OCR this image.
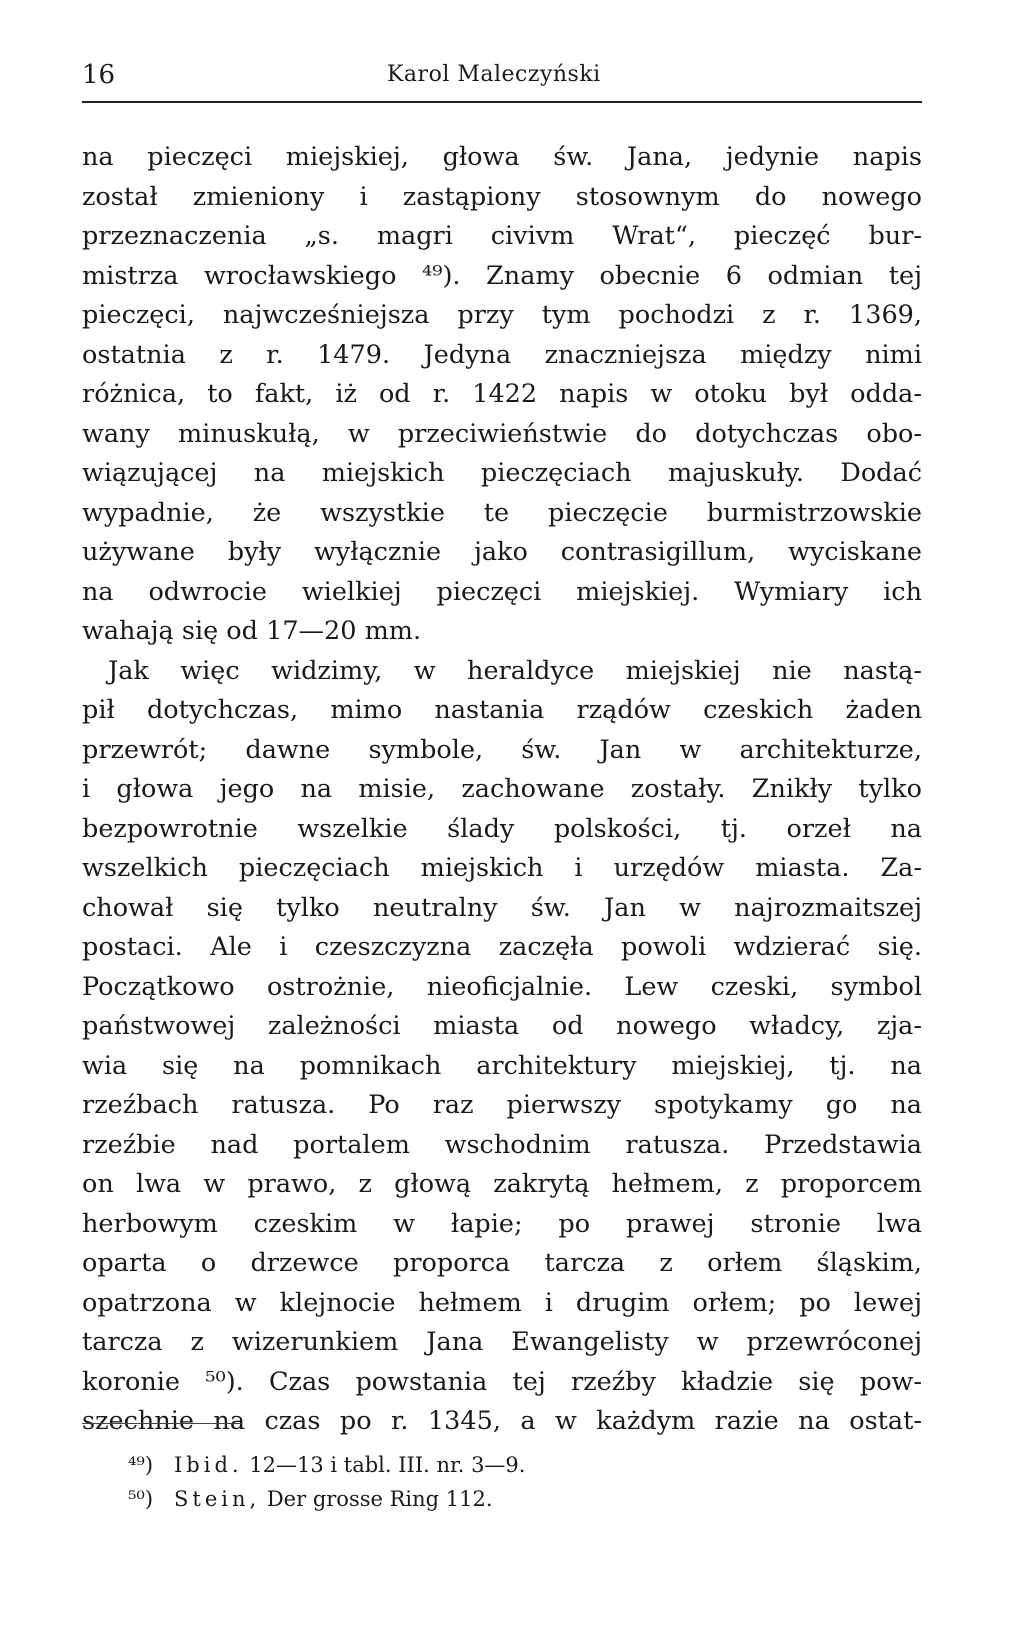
16	Karol Maleczyński
na pieczęci miejskiej, głowa św. Jana, jedynie napis
został zmieniony i zastąpiony stosownym do nowego
przeznaczenia „s. magri civivm Wrat“, pieczęć bur-
mistrza wrocławskiego ⁴⁹). Znamy obecnie 6 odmian tej
pieczęci, najwcześniejsza przy tym pochodzi z r. 1369,
ostatnia z r. 1479. Jedyna znaczniejsza między nimi
różnica, to fakt, iż od r. 1422 napis w otoku był odda-
wany minuskułą, w przeciwieństwie do dotychczas obo-
wiązującej na miejskich pieczęciach majuskuły. Dodać
wypadnie, że wszystkie te pieczęcie burmistrzowskie
używane były wyłącznie jako contrasigillum, wyciskane
na odwrocie wielkiej pieczęci miejskiej. Wymiary ich
wahają się od 17—20 mm.
Jak więc widzimy, w heraldyce miejskiej nie nastą-
pił dotychczas, mimo nastania rządów czeskich żaden
przewrót; dawne symbole, św. Jan w architekturze,
i głowa jego na misie, zachowane zostały. Znikły tylko
bezpowrotnie wszelkie ślady polskości, tj. orzeł na
wszelkich pieczęciach miejskich i urzędów miasta. Za-
chował się tylko neutralny św. Jan w najrozmaitszej
postaci. Ale i czeszczyzna zaczęła powoli wdzierać się.
Początkowo ostrożnie, nieoficjalnie. Lew czeski, symbol
państwowej zależności miasta od nowego władcy, zja-
wia się na pomnikach architektury miejskiej, tj. na
rzeźbach ratusza. Po raz pierwszy spotykamy go na
rzeźbie nad portalem wschodnim ratusza. Przedstawia
on lwa w prawo, z głową zakrytą hełmem, z proporcem
herbowym czeskim w łapie; po prawej stronie lwa
oparta o drzewce proporca tarcza z orłem śląskim,
opatrzona w klejnocie hełmem i drugim orłem; po lewej
tarcza z wizerunkiem Jana Ewangelisty w przewróconej
koronie ⁵⁰). Czas powstania tej rzeźby kładzie się pow-
szechnie na czas po r. 1345, a w każdym razie na ostat-
⁴⁹) Ibid. 12—13 i tabl. III. nr. 3—9.
⁵⁰) Stein, Der grosse Ring 112.
